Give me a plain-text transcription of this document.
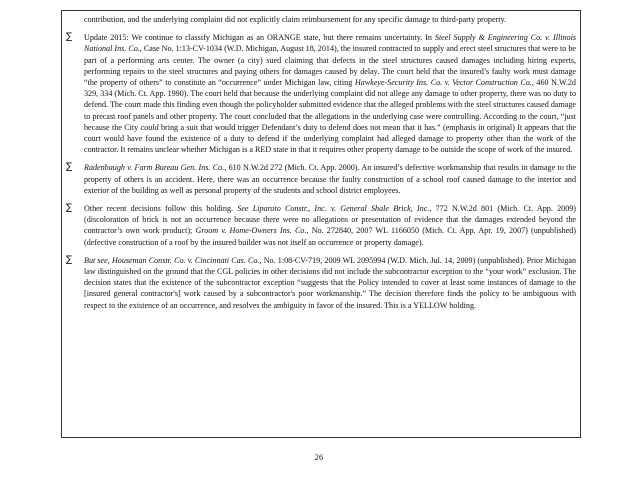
contribution, and the underlying complaint did not explicitly claim reimbursement for any specific damage to third-party property.
∑	Update 2015: We continue to classify Michigan as an ORANGE state, but there remains uncertainty. In Steel Supply & Engineering Co. v. Illinois National Ins. Co., Case No. 1:13-CV-1034 (W.D. Michigan, August 18, 2014), the insured contracted to supply and erect steel structures that were to be part of a performing arts center. The owner (a city) sued claiming that defects in the steel structures caused damages including hiring experts, performing repairs to the steel structures and paying others for damages caused by delay. The court held that the insured’s faulty work must damage “the property of others” to constitute an “occurrence” under Michigan law, citing Hawkeye-Security Ins. Co. v. Vector Construction Co., 460 N.W.2d 329, 334 (Mich. Ct. App. 1990). The court held that because the underlying complaint did not allege any damage to other property, there was no duty to defend. The court made this finding even though the policyholder submitted evidence that the alleged problems with the steel structures caused damage to precast roof panels and other property. The court concluded that the allegations in the underlying case were controlling. According to the court, “just because the City could bring a suit that would trigger Defendant’s duty to defend does not mean that it has.” (emphasis in original) It appears that the court would have found the existence of a duty to defend if the underlying complaint had alleged damage to property other than the work of the contractor. It remains unclear whether Michigan is a RED state in that it requires other property damage to be outside the scope of work of the insured.
∑	Radenbaugh v. Farm Bureau Gen. Ins. Co., 610 N.W.2d 272 (Mich. Ct. App. 2000). An insured’s defective workmanship that results in damage to the property of others is an accident. Here, there was an occurrence because the faulty construction of a school roof caused damage to the interior and exterior of the building as well as personal property of the students and school district employees.
∑	Other recent decisions follow this holding. See Liparoto Constr., Inc. v. General Shale Brick, Inc., 772 N.W.2d 801 (Mich. Ct. App. 2009) (discoloration of brick is not an occurrence because there were no allegations or presentation of evidence that the damages extended beyond the contractor’s own work product); Groom v. Home-Owners Ins. Co., No. 272840, 2007 WL 1166050 (Mich. Ct. App. Apr. 19, 2007) (unpublished) (defective construction of a roof by the insured builder was not itself an occurrence or property damage).
∑	But see, Houseman Constr. Co. v. Cincinnati Cas. Co., No. 1:08-CV-719, 2009 WL 2095994 (W.D. Mich. Jul. 14, 2009) (unpublished). Prior Michigan law distinguished on the ground that the CGL policies in other decisions did not include the subcontractor exception to the “your work” exclusion. The decision states that the existence of the subcontractor exception “suggests that the Policy intended to cover at least some instances of damage to the [insured general contractor's] work caused by a subcontractor's poor workmanship.” The decision therefore finds the policy to be ambiguous with respect to the existence of an occurrence, and resolves the ambiguity in favor of the insured. This is a YELLOW holding.
26
